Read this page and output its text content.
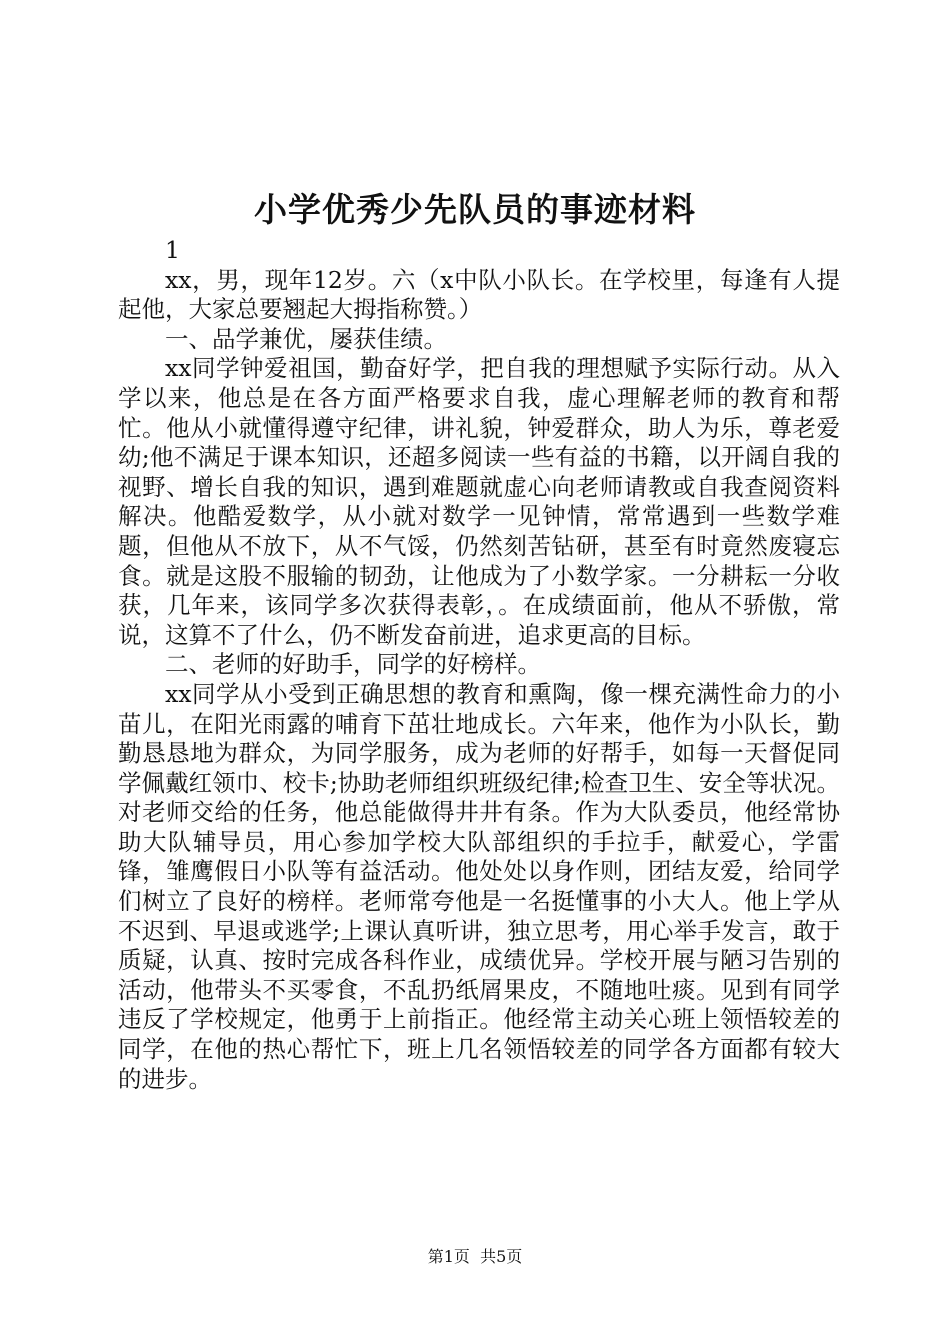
小学优秀少先队员的事迹材料

1

xx，男，现年12岁。六（x中队小队长。在学校里，每逢有人提起他，大家总要翘起大拇指称赞。）

一、品学兼优，屡获佳绩。

xx同学钟爱祖国，勤奋好学，把自我的理想赋予实际行动。从入学以来，他总是在各方面严格要求自我，虚心理解老师的教育和帮忙。他从小就懂得遵守纪律，讲礼貌，钟爱群众，助人为乐，尊老爱幼;他不满足于课本知识，还超多阅读一些有益的书籍，以开阔自我的视野、增长自我的知识，遇到难题就虚心向老师请教或自我查阅资料解决。他酷爱数学，从小就对数学一见钟情，常常遇到一些数学难题，但他从不放下，从不气馁，仍然刻苦钻研，甚至有时竟然废寝忘食。就是这股不服输的韧劲，让他成为了小数学家。一分耕耘一分收获，几年来，该同学多次获得表彰，。在成绩面前，他从不骄傲，常说，这算不了什么，仍不断发奋前进，追求更高的目标。

二、老师的好助手，同学的好榜样。

xx同学从小受到正确思想的教育和熏陶，像一棵充满性命力的小苗儿，在阳光雨露的哺育下茁壮地成长。六年来，他作为小队长，勤勤恳恳地为群众，为同学服务，成为老师的好帮手，如每一天督促同学佩戴红领巾、校卡;协助老师组织班级纪律;检查卫生、安全等状况。对老师交给的任务，他总能做得井井有条。作为大队委员，他经常协助大队辅导员，用心参加学校大队部组织的手拉手，献爱心，学雷锋，雏鹰假日小队等有益活动。他处处以身作则，团结友爱，给同学们树立了良好的榜样。老师常夸他是一名挺懂事的小大人。他上学从不迟到、早退或逃学;上课认真听讲，独立思考，用心举手发言，敢于质疑，认真、按时完成各科作业，成绩优异。学校开展与陋习告别的活动，他带头不买零食，不乱扔纸屑果皮，不随地吐痰。见到有同学违反了学校规定，他勇于上前指正。他经常主动关心班上领悟较差的同学，在他的热心帮忙下，班上几名领悟较差的同学各方面都有较大的进步。

第1页 共5页
